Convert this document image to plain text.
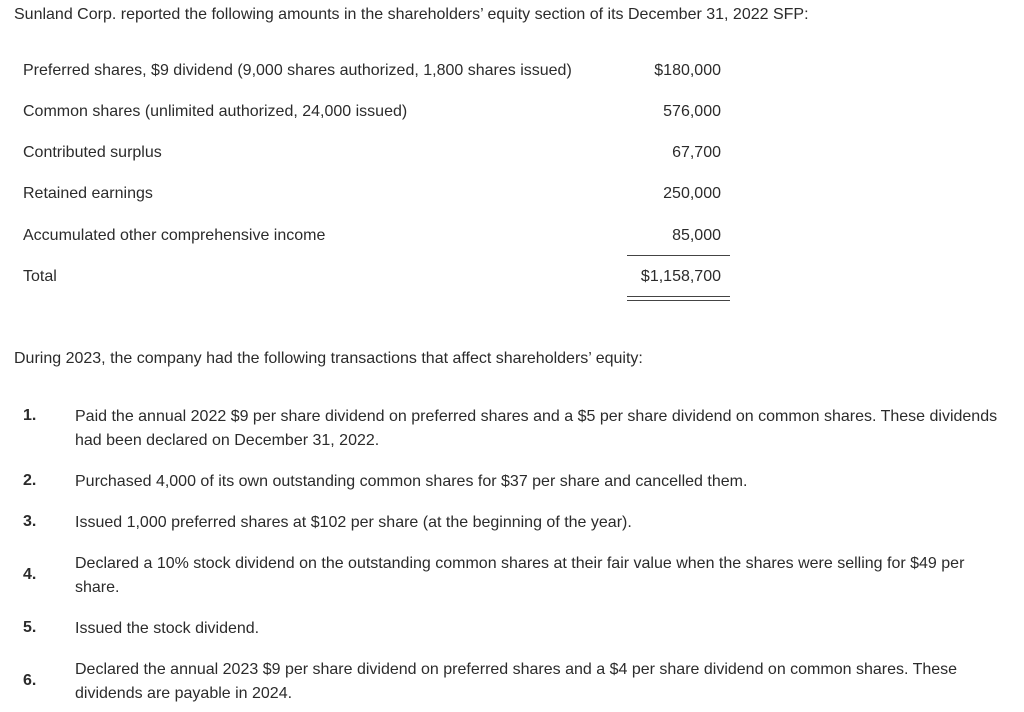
Sunland Corp. reported the following amounts in the shareholders’ equity section of its December 31, 2022 SFP:
Preferred shares, $9 dividend (9,000 shares authorized, 1,800 shares issued)	$180,000
Common shares (unlimited authorized, 24,000 issued)	576,000
Contributed surplus	67,700
Retained earnings	250,000
Accumulated other comprehensive income	85,000
Total	$1,158,700
During 2023, the company had the following transactions that affect shareholders’ equity:
1. Paid the annual 2022 $9 per share dividend on preferred shares and a $5 per share dividend on common shares. These dividends had been declared on December 31, 2022.
2. Purchased 4,000 of its own outstanding common shares for $37 per share and cancelled them.
3. Issued 1,000 preferred shares at $102 per share (at the beginning of the year).
4.
Declared a 10% stock dividend on the outstanding common shares at their fair value when the shares were selling for $49 per share.
5. Issued the stock dividend.
6.
Declared the annual 2023 $9 per share dividend on preferred shares and a $4 per share dividend on common shares. These dividends are payable in 2024.
